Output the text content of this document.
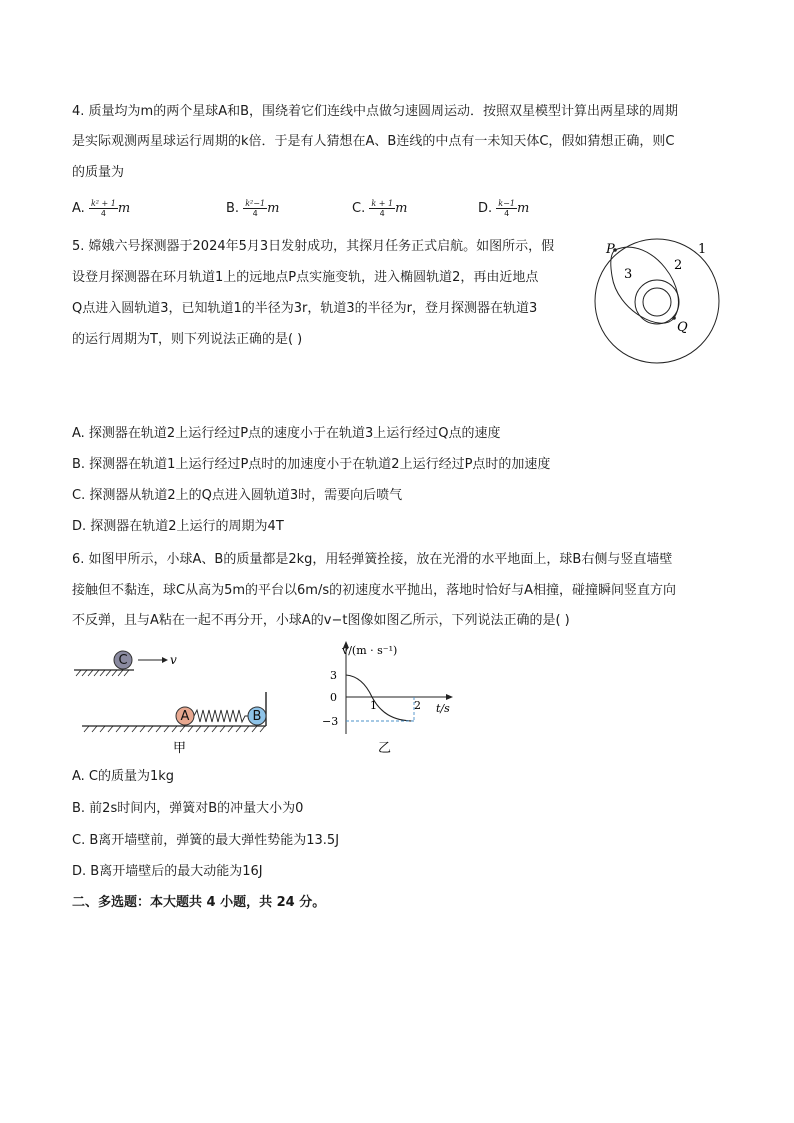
4. 质量均为m的两个星球A和B，围绕着它们连线中点做匀速圆周运动．按照双星模型计算出两星球的周期
是实际观测两星球运行周期的k倍．于是有人猜想在A、B连线的中点有一未知天体C，假如猜想正确，则C
的质量为
A. $\frac{\text{k² + 1}}{4}$ m	B. $\frac{\text{k²−1}}{4}$ m	C. $\frac{k + 1}{4}$ m	D. $\frac{k-1}{4}$ m
5. 嫦娥六号探测器于2024年5月3日发射成功，其探月任务正式启航。如图所示，假
设登月探测器在环月轨道1上的远地点P点实施变轨，进入椭圆轨道2，再由近地点
Q点进入圆轨道3，已知轨道1的半径为3r，轨道3的半径为r，登月探测器在轨道3
的运行周期为T，则下列说法正确的是( )
P
Q
1
2
3
A. 探测器在轨道2上运行经过P点的速度小于在轨道3上运行经过Q点的速度
B. 探测器在轨道1上运行经过P点时的加速度小于在轨道2上运行经过P点时的加速度
C. 探测器从轨道2上的Q点进入圆轨道3时，需要向后喷气
D. 探测器在轨道2上运行的周期为4T
6. 如图甲所示，小球A、B的质量都是2kg，用轻弹簧拴接，放在光滑的水平地面上，球B右侧与竖直墙壁
接触但不黏连，球C从高为5m的平台以6m/s的初速度水平抛出，落地时恰好与A相撞，碰撞瞬间竖直方向
不反弹，且与A粘在一起不再分开，小球A的v−t图像如图乙所示，下列说法正确的是( )
C	v
A	B
甲
v/(m · s⁻¹)
t/s
3
0
−3
1	2
乙
A. C的质量为1kg
B. 前2s时间内，弹簧对B的冲量大小为0
C. B离开墙壁前，弹簧的最大弹性势能为13.5J
D. B离开墙壁后的最大动能为16J
二、多选题：本大题共 4 小题，共 24 分。
